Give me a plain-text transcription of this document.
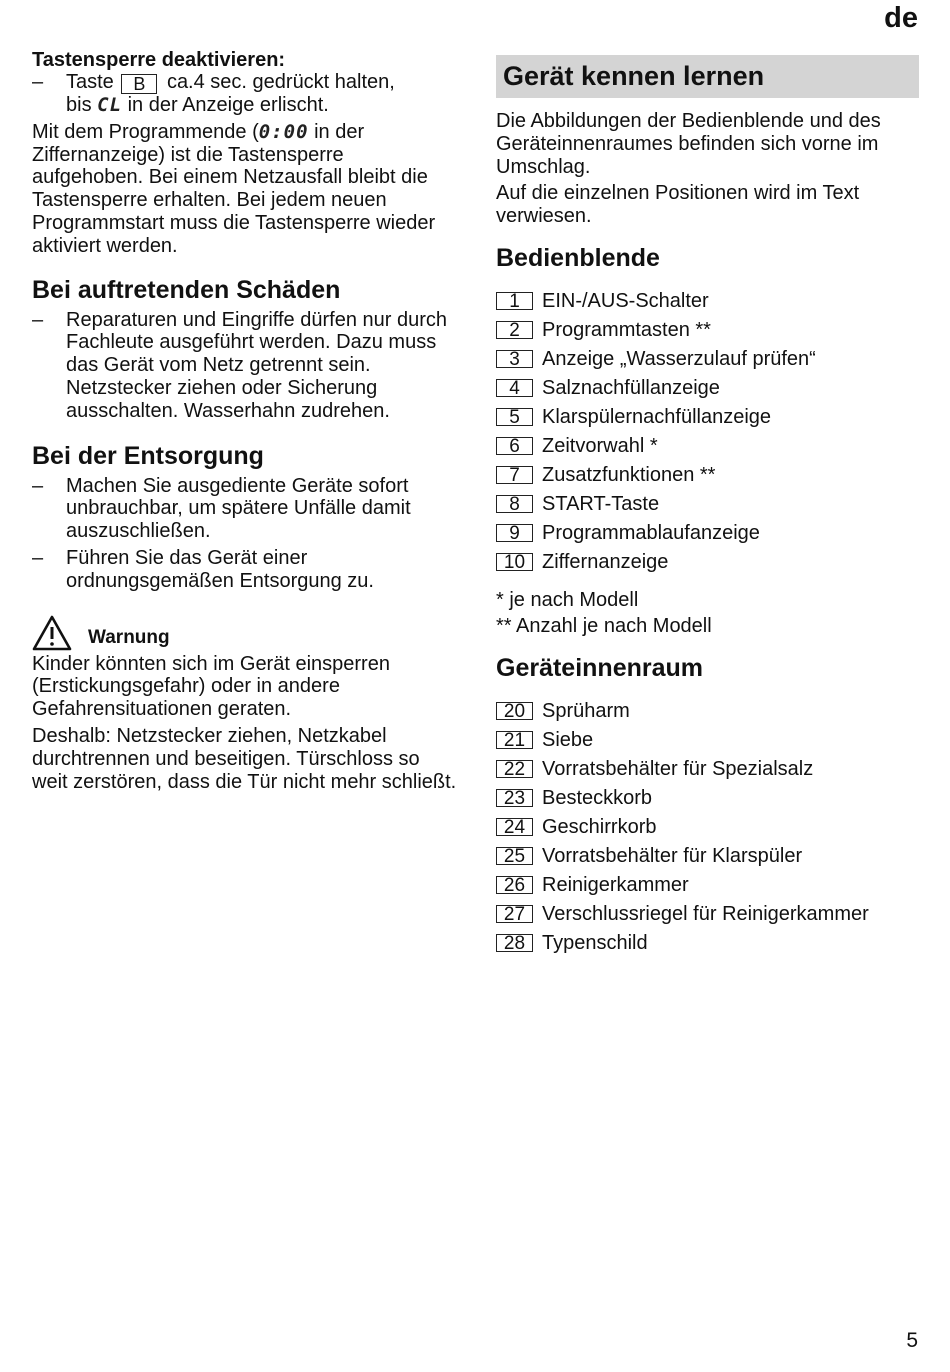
de
Tastensperre deaktivieren:
– Taste B ca.4 sec. gedrückt halten,
bis CL in der Anzeige erlischt.

Mit dem Programmende (0:00 in der Ziffernanzeige) ist die Tastensperre aufgehoben. Bei einem Netzausfall bleibt die Tastensperre erhalten. Bei jedem neuen Programmstart muss die Tastensperre wieder aktiviert werden.

Bei auftretenden Schäden
– Reparaturen und Eingriffe dürfen nur durch Fachleute ausgeführt werden. Dazu muss das Gerät vom Netz getrennt sein. Netzstecker ziehen oder Sicherung ausschalten. Wasserhahn zudrehen.
Bei der Entsorgung
– Machen Sie ausgediente Geräte sofort unbrauchbar, um spätere Unfälle damit auszuschließen.
– Führen Sie das Gerät einer ordnungsgemäßen Entsorgung zu.
Warnung

Kinder könnten sich im Gerät einsperren (Erstickungsgefahr) oder in andere Gefahrensituationen geraten.

Deshalb: Netzstecker ziehen, Netzkabel durchtrennen und beseitigen. Türschloss so weit zerstören, dass die Tür nicht mehr schließt.

Gerät kennen lernen

Die Abbildungen der Bedienblende und des Geräteinnenraumes befinden sich vorne im Umschlag.

Auf die einzelnen Positionen wird im Text verwiesen.

Bedienblende
1	EIN-/AUS-Schalter
2	Programmtasten **
3	Anzeige „Wasserzulauf prüfen“
4	Salznachfüllanzeige
5	Klarspülernachfüllanzeige
6	Zeitvorwahl *
7	Zusatzfunktionen **
8	START-Taste
9	Programmablaufanzeige
10 Ziffernanzeige
* je nach Modell
** Anzahl je nach Modell
Geräteinnenraum
20 Sprüharm
21 Siebe
22 Vorratsbehälter für Spezialsalz
23 Besteckkorb
24 Geschirrkorb
25 Vorratsbehälter für Klarspüler
26 Reinigerkammer
27 Verschlussriegel für Reinigerkammer
28 Typenschild
5
